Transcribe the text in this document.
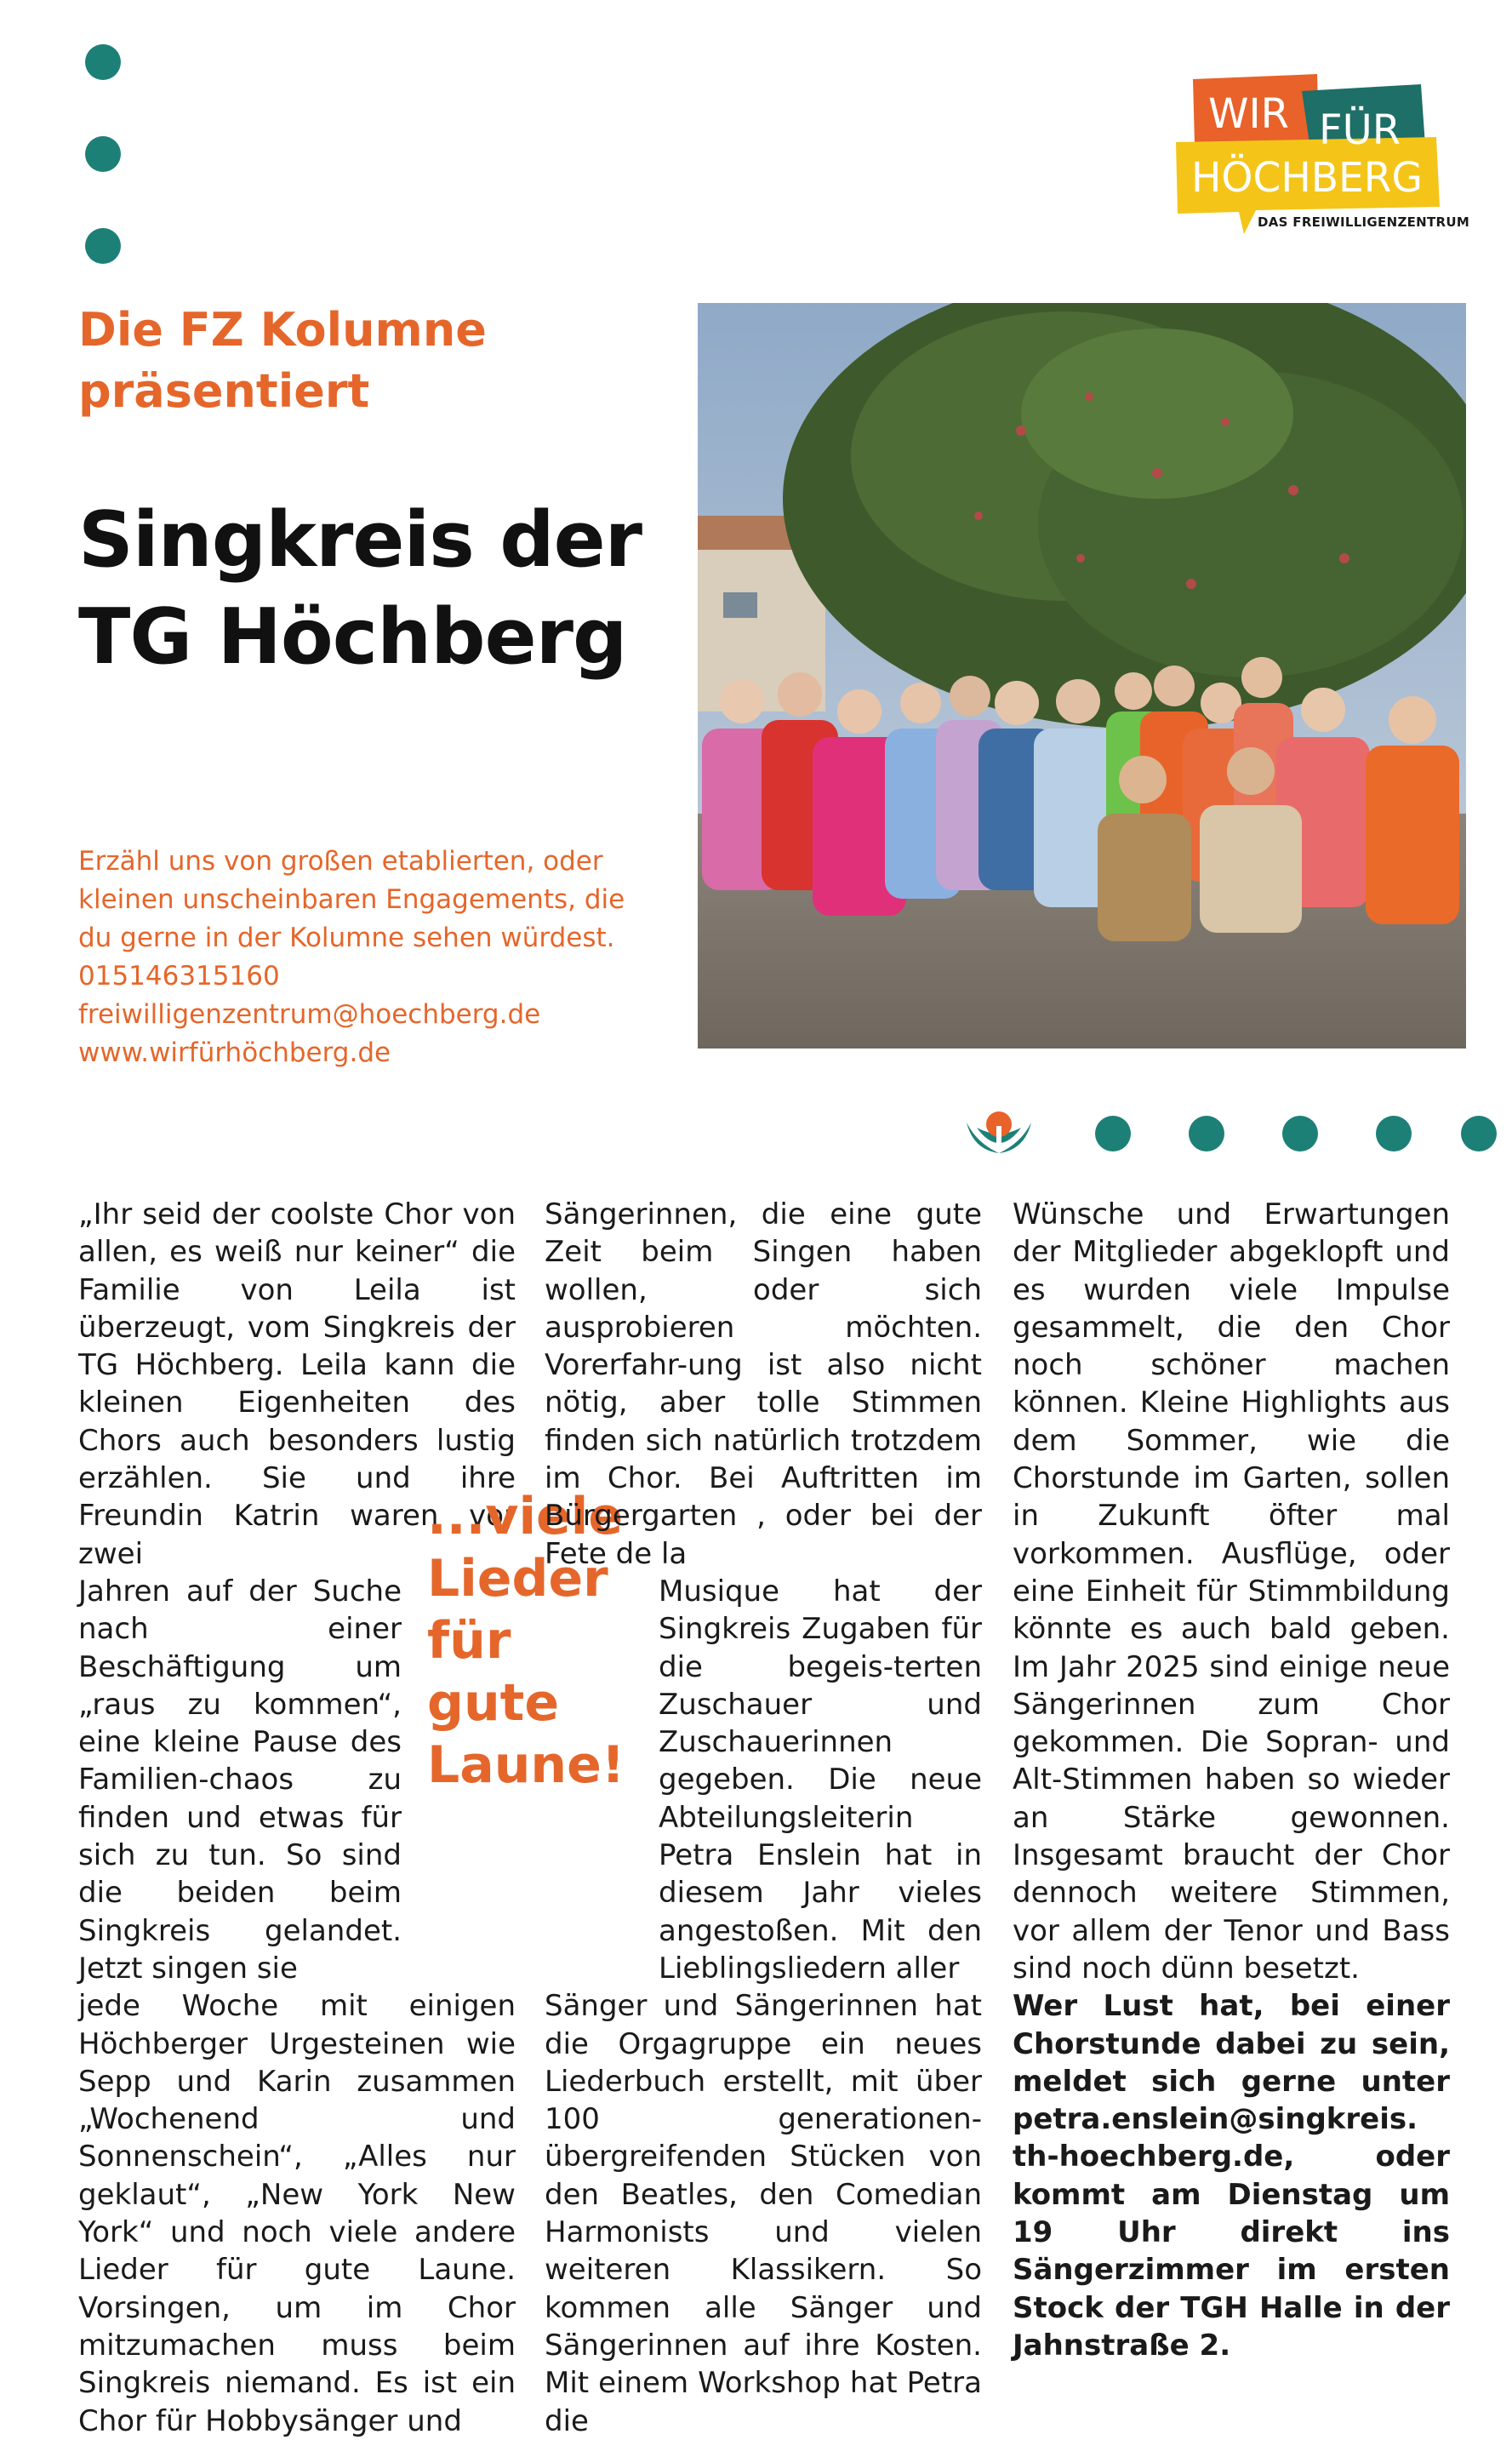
WIR FÜR
HÖCHBERG
DAS FREIWILLIGENZENTRUM
Die FZ Kolumne
präsentiert
Singkreis der
TG Höchberg
Erzähl uns von großen etablierten, oder
kleinen unscheinbaren Engagements, die
du gerne in der Kolumne sehen würdest.
015146315160
freiwilligenzentrum@hoechberg.de
www.wirfürhöchberg.de

„Ihr seid der coolste Chor von allen, es weiß nur keiner“ die Familie von Leila ist überzeugt, vom Singkreis der TG Höchberg. Leila kann die kleinen Eigenheiten des Chors auch besonders lustig erzählen. Sie und ihre Freundin Katrin waren vor zwei

Jahren auf der Suche nach einer Beschäftigung um „raus zu kommen“, eine kleine Pause des Familien-chaos zu finden und etwas für sich zu tun. So sind die beiden beim Singkreis gelandet. Jetzt singen sie

jede Woche mit einigen Höchberger Urgesteinen wie Sepp und Karin zusammen „Wochenend und Sonnenschein“, „Alles nur geklaut“, „New York New York“ und noch viele andere Lieder für gute Laune. Vorsingen, um im Chor mitzumachen muss beim Singkreis niemand. Es ist ein Chor für Hobbysänger und

...viele Lieder für gute Laune!

Sängerinnen, die eine gute Zeit beim Singen haben wollen, oder sich ausprobieren möchten. Vorerfahr-ung ist also nicht nötig, aber tolle Stimmen finden sich natürlich trotzdem im Chor. Bei Auftritten im Bürgergarten , oder bei der Fete de la

Musique hat der Singkreis Zugaben für die begeis-terten Zuschauer und Zuschauerinnen gegeben. Die neue Abteilungsleiterin Petra Enslein hat in diesem Jahr vieles angestoßen. Mit den Lieblingsliedern aller

Sänger und Sängerinnen hat die Orgagruppe ein neues Liederbuch erstellt, mit über 100 generationen-übergreifenden Stücken von den Beatles, den Comedian Harmonists und vielen weiteren Klassikern. So kommen alle Sänger und Sängerinnen auf ihre Kosten. Mit einem Workshop hat Petra die

Wünsche und Erwartungen der Mitglieder abgeklopft und es wurden viele Impulse gesammelt, die den Chor noch schöner machen können. Kleine Highlights aus dem Sommer, wie die Chorstunde im Garten, sollen in Zukunft öfter mal vorkommen. Ausflüge, oder eine Einheit für Stimmbildung könnte es auch bald geben. Im Jahr 2025 sind einige neue Sängerinnen zum Chor gekommen. Die Sopran- und Alt-Stimmen haben so wieder an Stärke gewonnen. Insgesamt braucht der Chor dennoch weitere Stimmen, vor allem der Tenor und Bass sind noch dünn besetzt.

Wer Lust hat, bei einer Chorstunde dabei zu sein, meldet sich gerne unter petra.enslein@singkreis. th-hoechberg.de, oder kommt am Dienstag um 19 Uhr direkt ins Sängerzimmer im ersten Stock der TGH Halle in der Jahnstraße 2.
